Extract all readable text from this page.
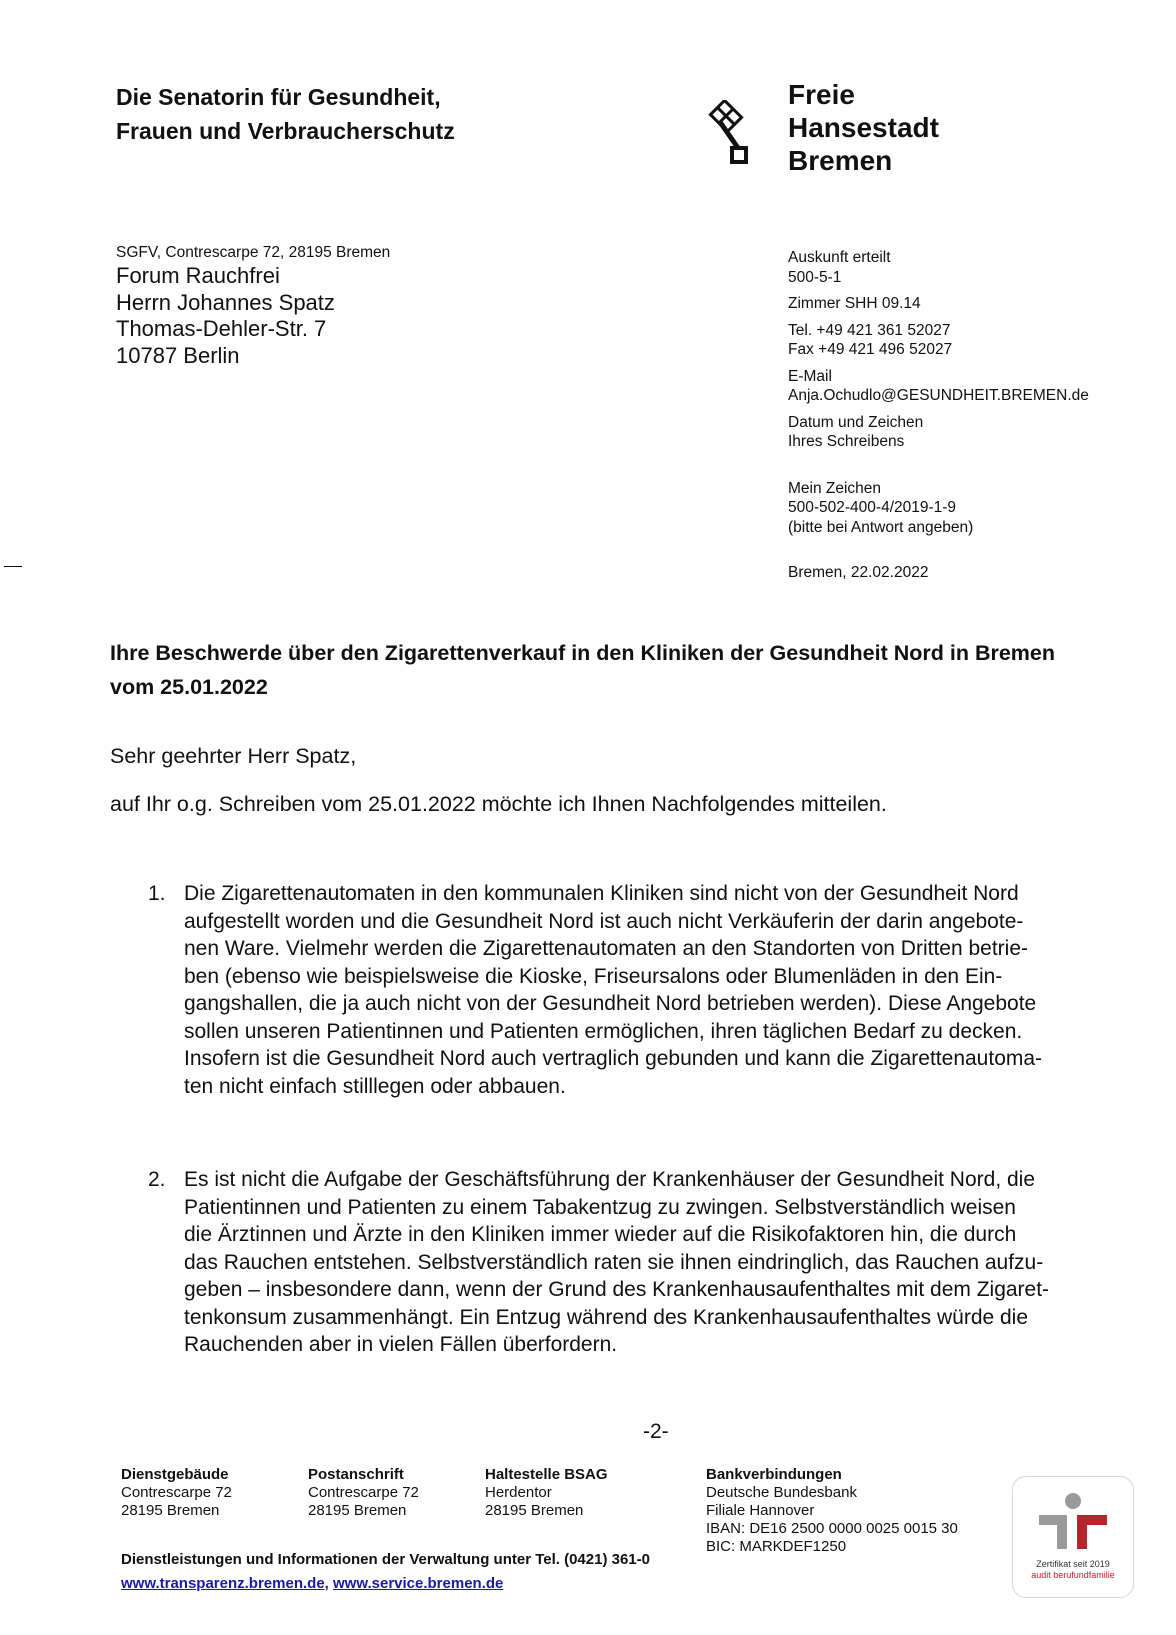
Die Senatorin für Gesundheit,
Frauen und Verbraucherschutz
Freie
Hansestadt
Bremen
SGFV, Contrescarpe 72, 28195 Bremen
Forum Rauchfrei
Herrn Johannes Spatz
Thomas-Dehler-Str. 7
10787 Berlin
Auskunft erteilt
500-5-1
Zimmer SHH 09.14
Tel. +49 421 361 52027
Fax +49 421 496 52027
E-Mail
Anja.Ochudlo@GESUNDHEIT.BREMEN.de
Datum und Zeichen
Ihres Schreibens
Mein Zeichen
500-502-400-4/2019-1-9
(bitte bei Antwort angeben)
Bremen, 22.02.2022
Ihre Beschwerde über den Zigarettenverkauf in den Kliniken der Gesundheit Nord in Bremen
vom 25.01.2022
Sehr geehrter Herr Spatz,
auf Ihr o.g. Schreiben vom 25.01.2022 möchte ich Ihnen Nachfolgendes mitteilen.
1. Die Zigarettenautomaten in den kommunalen Kliniken sind nicht von der Gesundheit Nord
aufgestellt worden und die Gesundheit Nord ist auch nicht Verkäuferin der darin angebote-
nen Ware. Vielmehr werden die Zigarettenautomaten an den Standorten von Dritten betrie-
ben (ebenso wie beispielsweise die Kioske, Friseursalons oder Blumenläden in den Ein-
gangshallen, die ja auch nicht von der Gesundheit Nord betrieben werden). Diese Angebote
sollen unseren Patientinnen und Patienten ermöglichen, ihren täglichen Bedarf zu decken.
Insofern ist die Gesundheit Nord auch vertraglich gebunden und kann die Zigarettenautoma-
ten nicht einfach stilllegen oder abbauen.
2. Es ist nicht die Aufgabe der Geschäftsführung der Krankenhäuser der Gesundheit Nord, die
Patientinnen und Patienten zu einem Tabakentzug zu zwingen. Selbstverständlich weisen
die Ärztinnen und Ärzte in den Kliniken immer wieder auf die Risikofaktoren hin, die durch
das Rauchen entstehen. Selbstverständlich raten sie ihnen eindringlich, das Rauchen aufzu-
geben – insbesondere dann, wenn der Grund des Krankenhausaufenthaltes mit dem Zigaret-
tenkonsum zusammenhängt. Ein Entzug während des Krankenhausaufenthaltes würde die
Rauchenden aber in vielen Fällen überfordern.
-2-
Dienstgebäude
Contrescarpe 72
28195 Bremen
Postanschrift
Contrescarpe 72
28195 Bremen
Haltestelle BSAG
Herdentor
28195 Bremen
Bankverbindungen
Deutsche Bundesbank
Filiale Hannover
IBAN: DE16 2500 0000 0025 0015 30
BIC: MARKDEF1250
Dienstleistungen und Informationen der Verwaltung unter Tel. (0421) 361-0
www.transparenz.bremen.de, www.service.bremen.de
Zertifikat seit 2019
audit berufundfamilie
